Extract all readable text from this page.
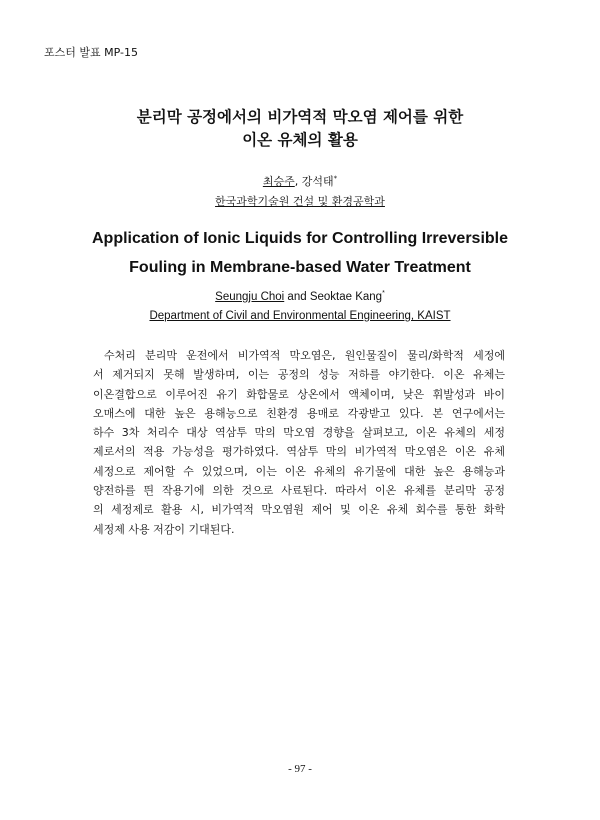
포스터 발표 MP-15
분리막 공정에서의 비가역적 막오염 제어를 위한
이온 유체의 활용
최승주, 강석태*
한국과학기술원 건설 및 환경공학과
Application of Ionic Liquids for Controlling Irreversible
Fouling in Membrane-based Water Treatment
Seungju Choi and Seoktae Kang*
Department of Civil and Environmental Engineering, KAIST
수처리 분리막 운전에서 비가역적 막오염은, 원인물질이 물리/화학적 세정에
서 제거되지 못해 발생하며, 이는 공정의 성능 저하를 야기한다. 이온 유체는
이온결합으로 이루어진 유기 화합물로 상온에서 액체이며, 낮은 휘발성과 바이
오매스에 대한 높은 용해능으로 친환경 용매로 각광받고 있다. 본 연구에서는
하수 3차 처리수 대상 역삼투 막의 막오염 경향을 살펴보고, 이온 유체의 세정
제로서의 적용 가능성을 평가하였다. 역삼투 막의 비가역적 막오염은 이온 유체
세정으로 제어할 수 있었으며, 이는 이온 유체의 유기물에 대한 높은 용해능과
양전하를 띈 작용기에 의한 것으로 사료된다. 따라서 이온 유체를 분리막 공정
의 세정제로 활용 시, 비가역적 막오염원 제어 및 이온 유체 회수를 통한 화학
세정제 사용 저감이 기대된다.
- 97 -
